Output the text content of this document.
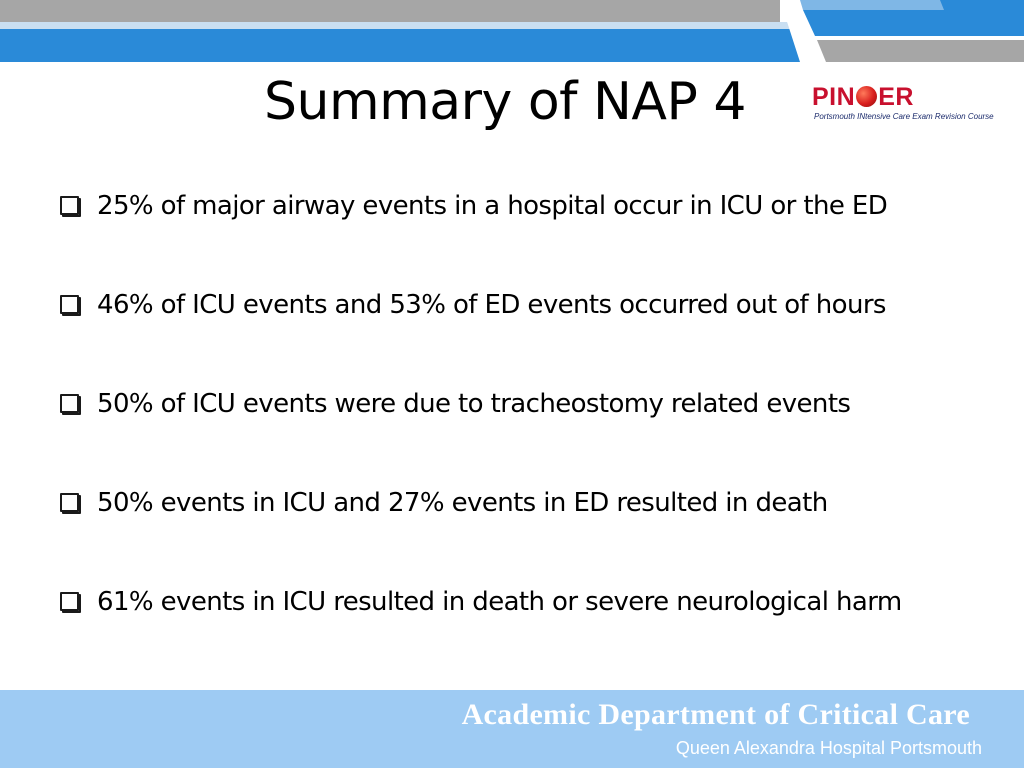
Summary of NAP 4	PIN ER
Portsmouth INtensive Care Exam Revision Course
25% of major airway events in a hospital occur in ICU or the ED
46% of ICU events and 53% of ED events occurred out of hours
50% of ICU events were due to tracheostomy related events
50% events in ICU and 27% events in ED resulted in death
61% events in ICU resulted in death or severe neurological harm
Academic Department of Critical Care
Queen Alexandra Hospital Portsmouth
